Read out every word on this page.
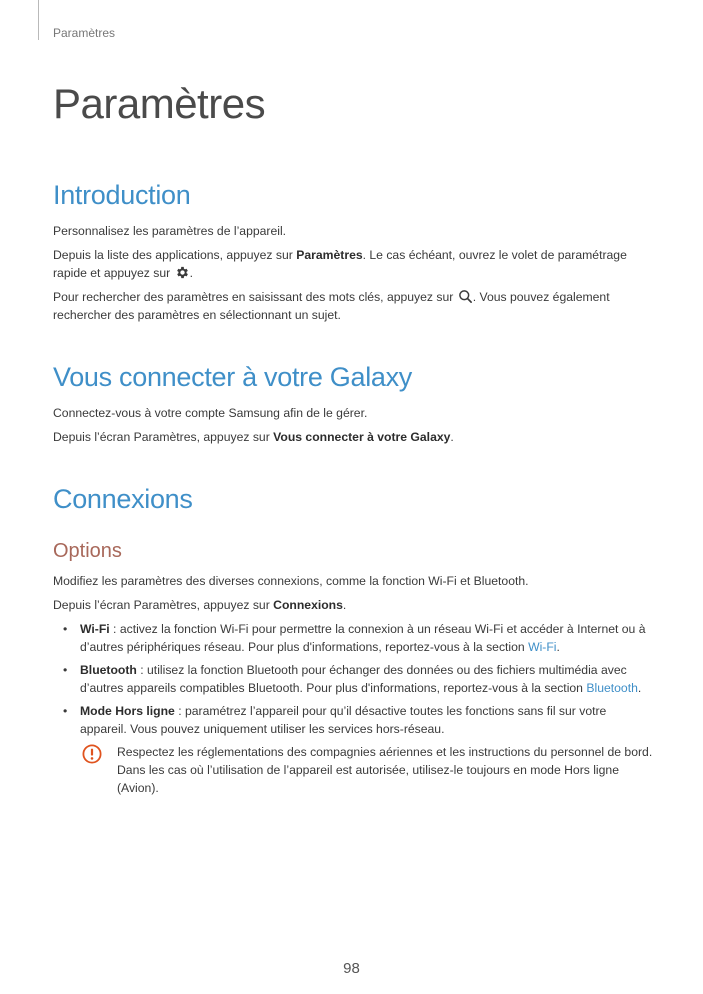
Paramètres
Paramètres
Introduction

Personnalisez les paramètres de l’appareil.

Depuis la liste des applications, appuyez sur Paramètres. Le cas échéant, ouvrez le volet de paramétrage rapide et appuyez sur .

Pour rechercher des paramètres en saisissant des mots clés, appuyez sur . Vous pouvez également rechercher des paramètres en sélectionnant un sujet.

Vous connecter à votre Galaxy

Connectez-vous à votre compte Samsung afin de le gérer.

Depuis l’écran Paramètres, appuyez sur Vous connecter à votre Galaxy.

Connexions
Options

Modifiez les paramètres des diverses connexions, comme la fonction Wi-Fi et Bluetooth.

Depuis l’écran Paramètres, appuyez sur Connexions.

• Wi-Fi : activez la fonction Wi-Fi pour permettre la connexion à un réseau Wi-Fi et accéder à Internet ou à d’autres périphériques réseau. Pour plus d'informations, reportez-vous à la section Wi-Fi.
• Bluetooth : utilisez la fonction Bluetooth pour échanger des données ou des fichiers multimédia avec d’autres appareils compatibles Bluetooth. Pour plus d'informations, reportez-vous à la section Bluetooth.
• Mode Hors ligne : paramétrez l’appareil pour qu’il désactive toutes les fonctions sans fil sur votre appareil. Vous pouvez uniquement utiliser les services hors-réseau.
Respectez les réglementations des compagnies aériennes et les instructions du personnel de bord. Dans les cas où l’utilisation de l’appareil est autorisée, utilisez-le toujours en mode Hors ligne (Avion).
98
